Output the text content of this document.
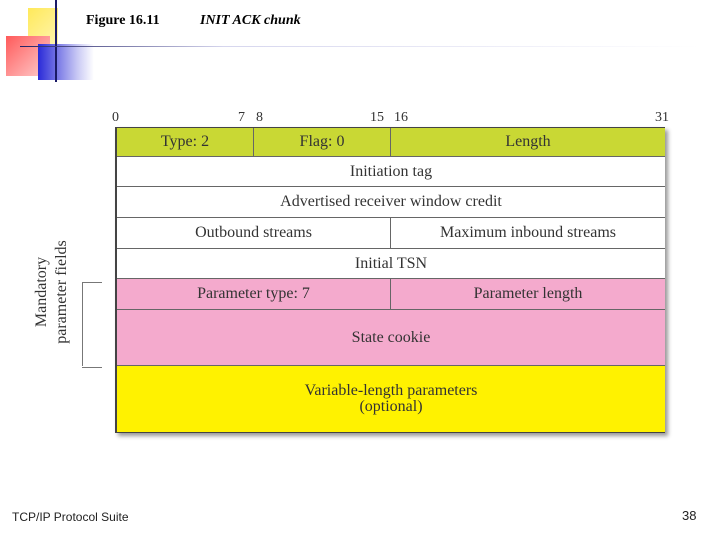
Figure 16.11	INIT ACK chunk
0	7 8	15 16	31
Type: 2	Flag: 0	Length
Initiation tag
Advertised receiver window credit
Outbound streams	Maximum inbound streams
Initial TSN
Parameter type: 7	Parameter length
State cookie
Variable-length parameters
(optional)
Mandatory parameter fields
TCP/IP Protocol Suite	38
